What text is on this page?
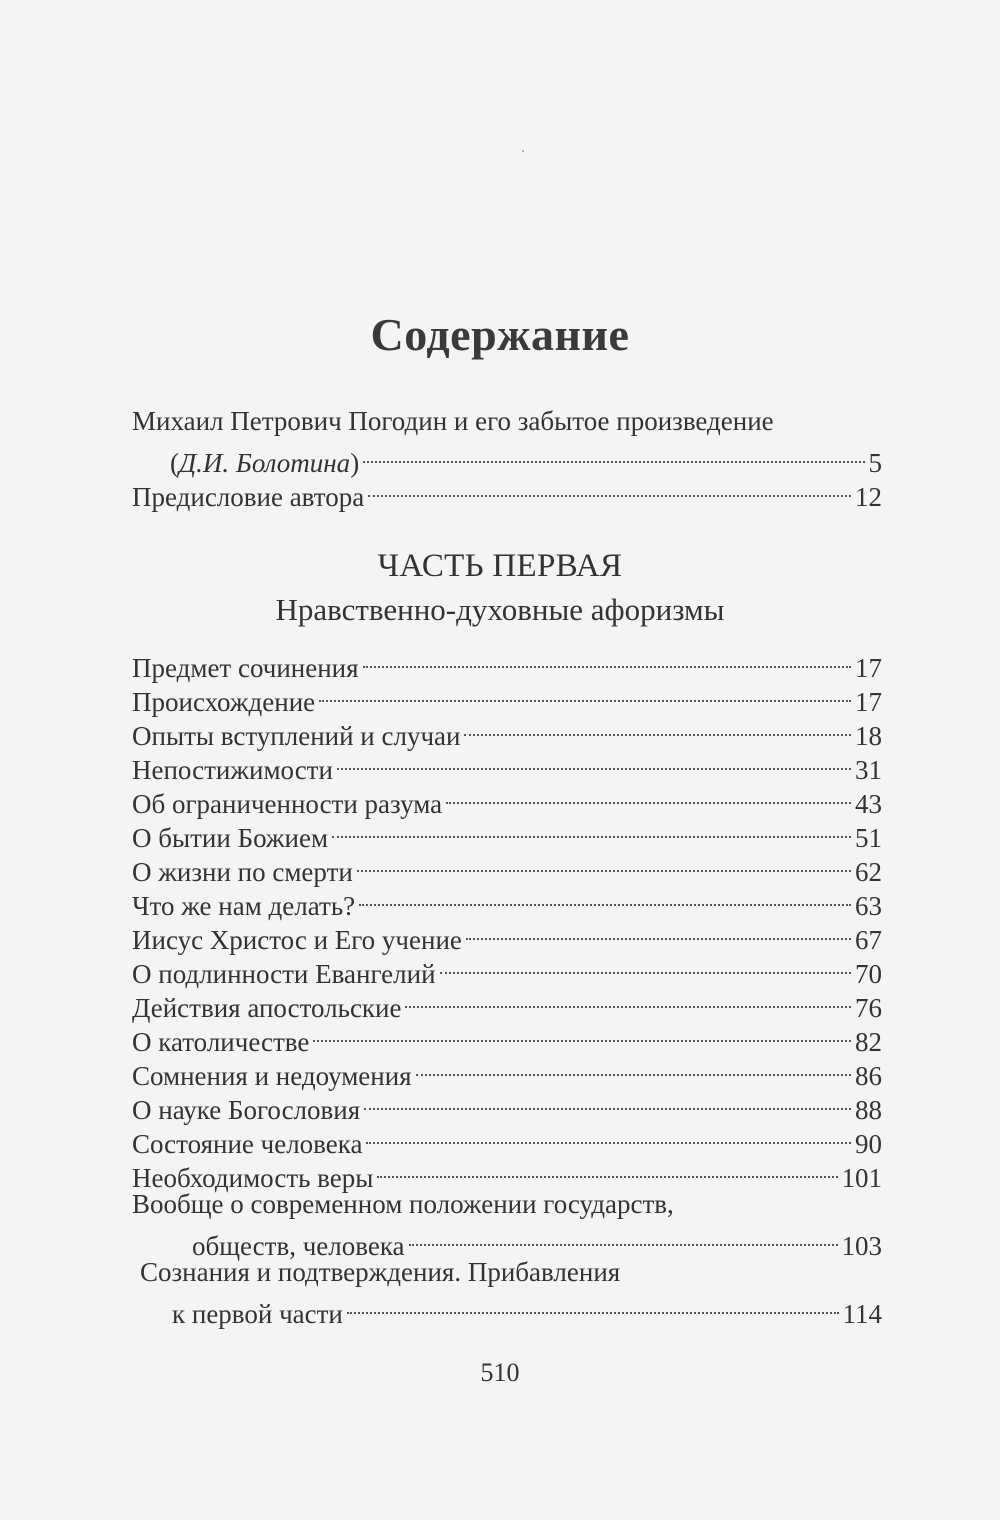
Содержание
Михаил Петрович Погодин и его забытое произведение
(Д.И. Болотина)	5
Предисловие автора	12
ЧАСТЬ ПЕРВАЯ
Нравственно-духовные афоризмы
Предмет сочинения	17
Происхождение	17
Опыты вступлений и случаи	18
Непостижимости	31
Об ограниченности разума	43
О бытии Божием	51
О жизни по смерти	62
Что же нам делать?	63
Иисус Христос и Его учение	67
О подлинности Евангелий	70
Действия апостольские	76
О католичестве	82
Сомнения и недоумения	86
О науке Богословия	88
Состояние человека	90
Необходимость веры	101
Вообще о современном положении государств,
обществ, человека	103
Сознания и подтверждения. Прибавления
к первой части	114
510
